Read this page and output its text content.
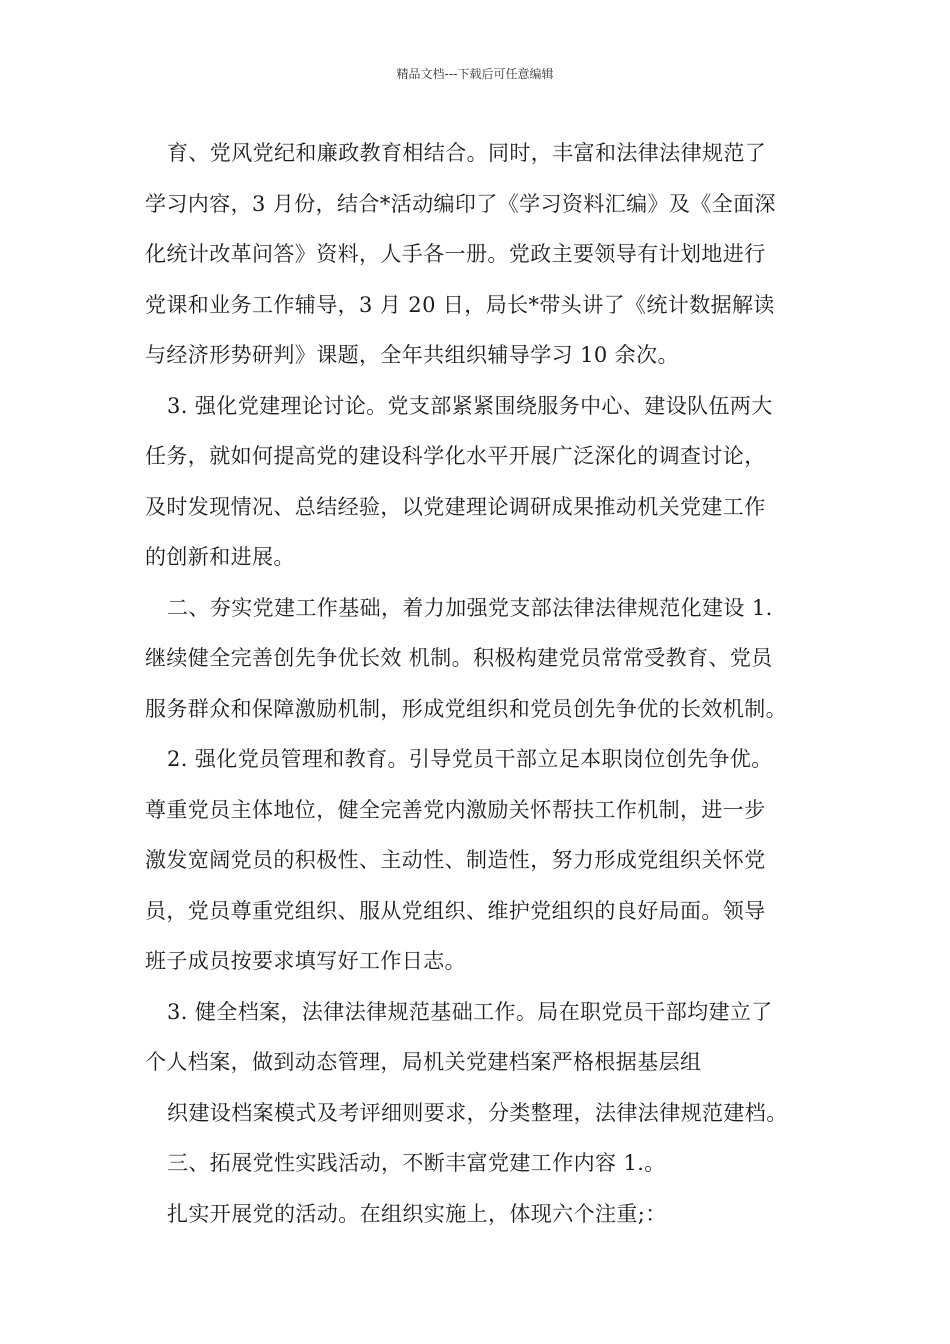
精品文档---下载后可任意编辑
育、党风党纪和廉政教育相结合。同时，丰富和法律法律规范了
学习内容，3 月份，结合*活动编印了《学习资料汇编》及《全面深
化统计改革问答》资料，人手各一册。党政主要领导有计划地进行
党课和业务工作辅导，3 月 20 日，局长*带头讲了《统计数据解读
与经济形势研判》课题，全年共组织辅导学习 10 余次。
3. 强化党建理论讨论。党支部紧紧围绕服务中心、建设队伍两大
任务，就如何提高党的建设科学化水平开展广泛深化的调查讨论，
及时发现情况、总结经验，以党建理论调研成果推动机关党建工作
的创新和进展。
二、夯实党建工作基础，着力加强党支部法律法律规范化建设 1.
继续健全完善创先争优长效 机制。积极构建党员常常受教育、党员
服务群众和保障激励机制，形成党组织和党员创先争优的长效机制。
2. 强化党员管理和教育。引导党员干部立足本职岗位创先争优。
尊重党员主体地位，健全完善党内激励关怀帮扶工作机制，进一步
激发宽阔党员的积极性、主动性、制造性，努力形成党组织关怀党
员，党员尊重党组织、服从党组织、维护党组织的良好局面。领导
班子成员按要求填写好工作日志。
3. 健全档案，法律法律规范基础工作。局在职党员干部均建立了
个人档案，做到动态管理，局机关党建档案严格根据基层组
织建设档案模式及考评细则要求，分类整理，法律法律规范建档。
三、拓展党性实践活动，不断丰富党建工作内容 1.。
扎实开展党的活动。在组织实施上，体现六个注重;：
